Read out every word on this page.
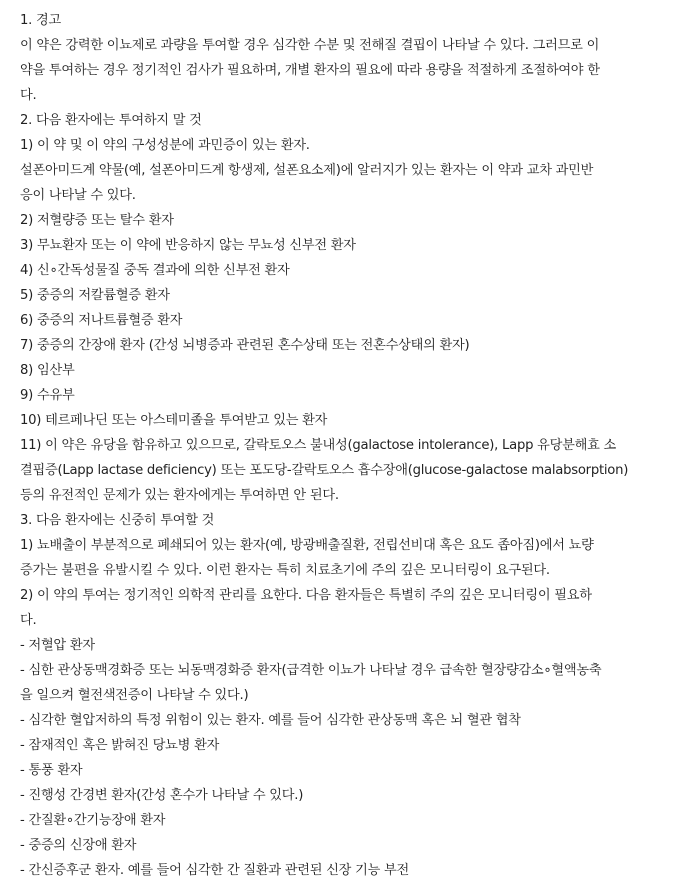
1. 경고

이 약은 강력한 이뇨제로 과량을 투여할 경우 심각한 수분 및 전해질 결핍이 나타날 수 있다. 그러므로 이

약을 투여하는 경우 정기적인 검사가 필요하며, 개별 환자의 필요에 따라 용량을 적절하게 조절하여야 한

다.

2. 다음 환자에는 투여하지 말 것

1) 이 약 및 이 약의 구성성분에 과민증이 있는 환자.

설폰아미드계 약물(예, 설폰아미드계 항생제, 설폰요소제)에 알러지가 있는 환자는 이 약과 교차 과민반

응이 나타날 수 있다.

2) 저혈량증 또는 탈수 환자

3) 무뇨환자 또는 이 약에 반응하지 않는 무뇨성 신부전 환자

4) 신∘간독성물질 중독 결과에 의한 신부전 환자

5) 중증의 저칼륨혈증 환자

6) 중증의 저나트륨혈증 환자

7) 중증의 간장애 환자 (간성 뇌병증과 관련된 혼수상태 또는 전혼수상태의 환자)

8) 임산부

9) 수유부

10) 테르페나딘 또는 아스테미졸을 투여받고 있는 환자

11) 이 약은 유당을 함유하고 있으므로, 갈락토오스 불내성(galactose intolerance), Lapp 유당분해효 소

결핍증(Lapp lactase deficiency) 또는 포도당-갈락토오스 흡수장애(glucose-galactose malabsorption)

등의 유전적인 문제가 있는 환자에게는 투여하면 안 된다.

3. 다음 환자에는 신중히 투여할 것

1) 뇨배출이 부분적으로 폐쇄되어 있는 환자(예, 방광배출질환, 전립선비대 혹은 요도 좁아짐)에서 뇨량

증가는 불편을 유발시킬 수 있다. 이런 환자는 특히 치료초기에 주의 깊은 모니터링이 요구된다.

2) 이 약의 투여는 정기적인 의학적 관리를 요한다. 다음 환자들은 특별히 주의 깊은 모니터링이 필요하

다.

- 저혈압 환자

- 심한 관상동맥경화증 또는 뇌동맥경화증 환자(급격한 이뇨가 나타날 경우 급속한 혈장량감소∘혈액농축

을 일으켜 혈전색전증이 나타날 수 있다.)

- 심각한 혈압저하의 특정 위험이 있는 환자. 예를 들어 심각한 관상동맥 혹은 뇌 혈관 협착

- 잠재적인 혹은 밝혀진 당뇨병 환자

- 통풍 환자

- 진행성 간경변 환자(간성 혼수가 나타날 수 있다.)

- 간질환∘간기능장애 환자

- 중증의 신장애 환자

- 간신증후군 환자. 예를 들어 심각한 간 질환과 관련된 신장 기능 부전
